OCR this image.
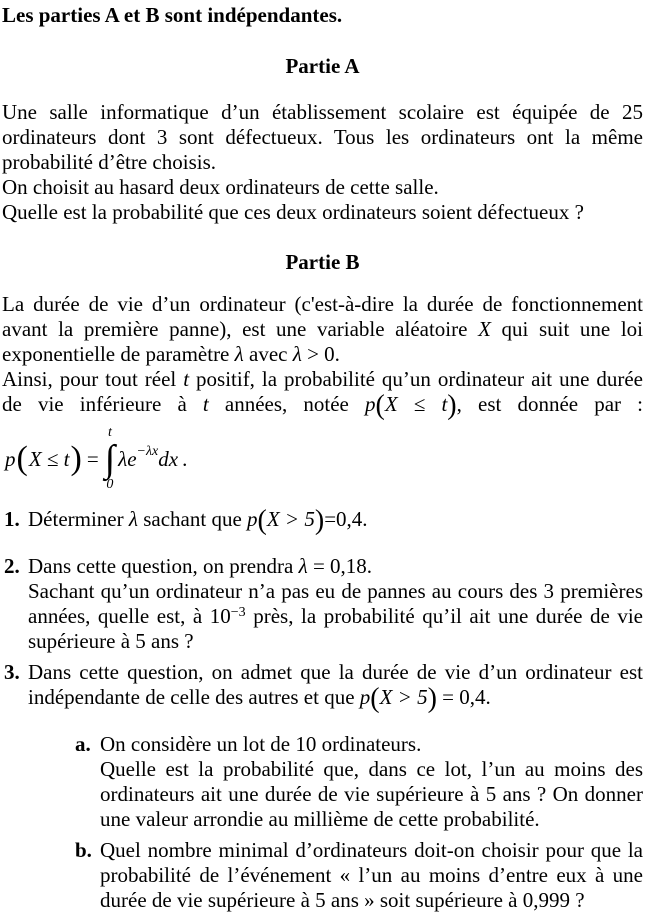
Les parties A et B sont indépendantes.
Partie A

Une salle informatique d’un établissement scolaire est équipée de 25 ordinateurs dont 3 sont défectueux. Tous les ordinateurs ont la même probabilité d’être choisis.

On choisit au hasard deux ordinateurs de cette salle.

Quelle est la probabilité que ces deux ordinateurs soient défectueux ?

Partie B

La durée de vie d’un ordinateur (c'est-à-dire la durée de fonctionnement avant la première panne), est une variable aléatoire X qui suit une loi exponentielle de paramètre λ avec λ > 0.

Ainsi, pour tout réel t positif, la probabilité qu’un ordinateur ait une durée de vie inférieure à t années, notée p(X ≤ t), est donnée par :

p ( X ≤ t ) =
t
∫
0
λe −λx dx .
1. Déterminer λ sachant que p(X > 5)=0,4.

2. Dans cette question, on prendra λ = 0,18.

Sachant qu’un ordinateur n’a pas eu de pannes au cours des 3 premières années, quelle est, à $10^{-3}$ près, la probabilité qu’il ait une durée de vie supérieure à 5 ans ?

3. Dans cette question, on admet que la durée de vie d’un ordinateur est indépendante de celle des autres et que p(X > 5) = 0,4.

a. On considère un lot de 10 ordinateurs.

Quelle est la probabilité que, dans ce lot, l’un au moins des ordinateurs ait une durée de vie supérieure à 5 ans ? On donner une valeur arrondie au millième de cette probabilité.

b. Quel nombre minimal d’ordinateurs doit-on choisir pour que la probabilité de l’événement « l’un au moins d’entre eux à une durée de vie supérieure à 5 ans » soit supérieure à 0,999 ?
